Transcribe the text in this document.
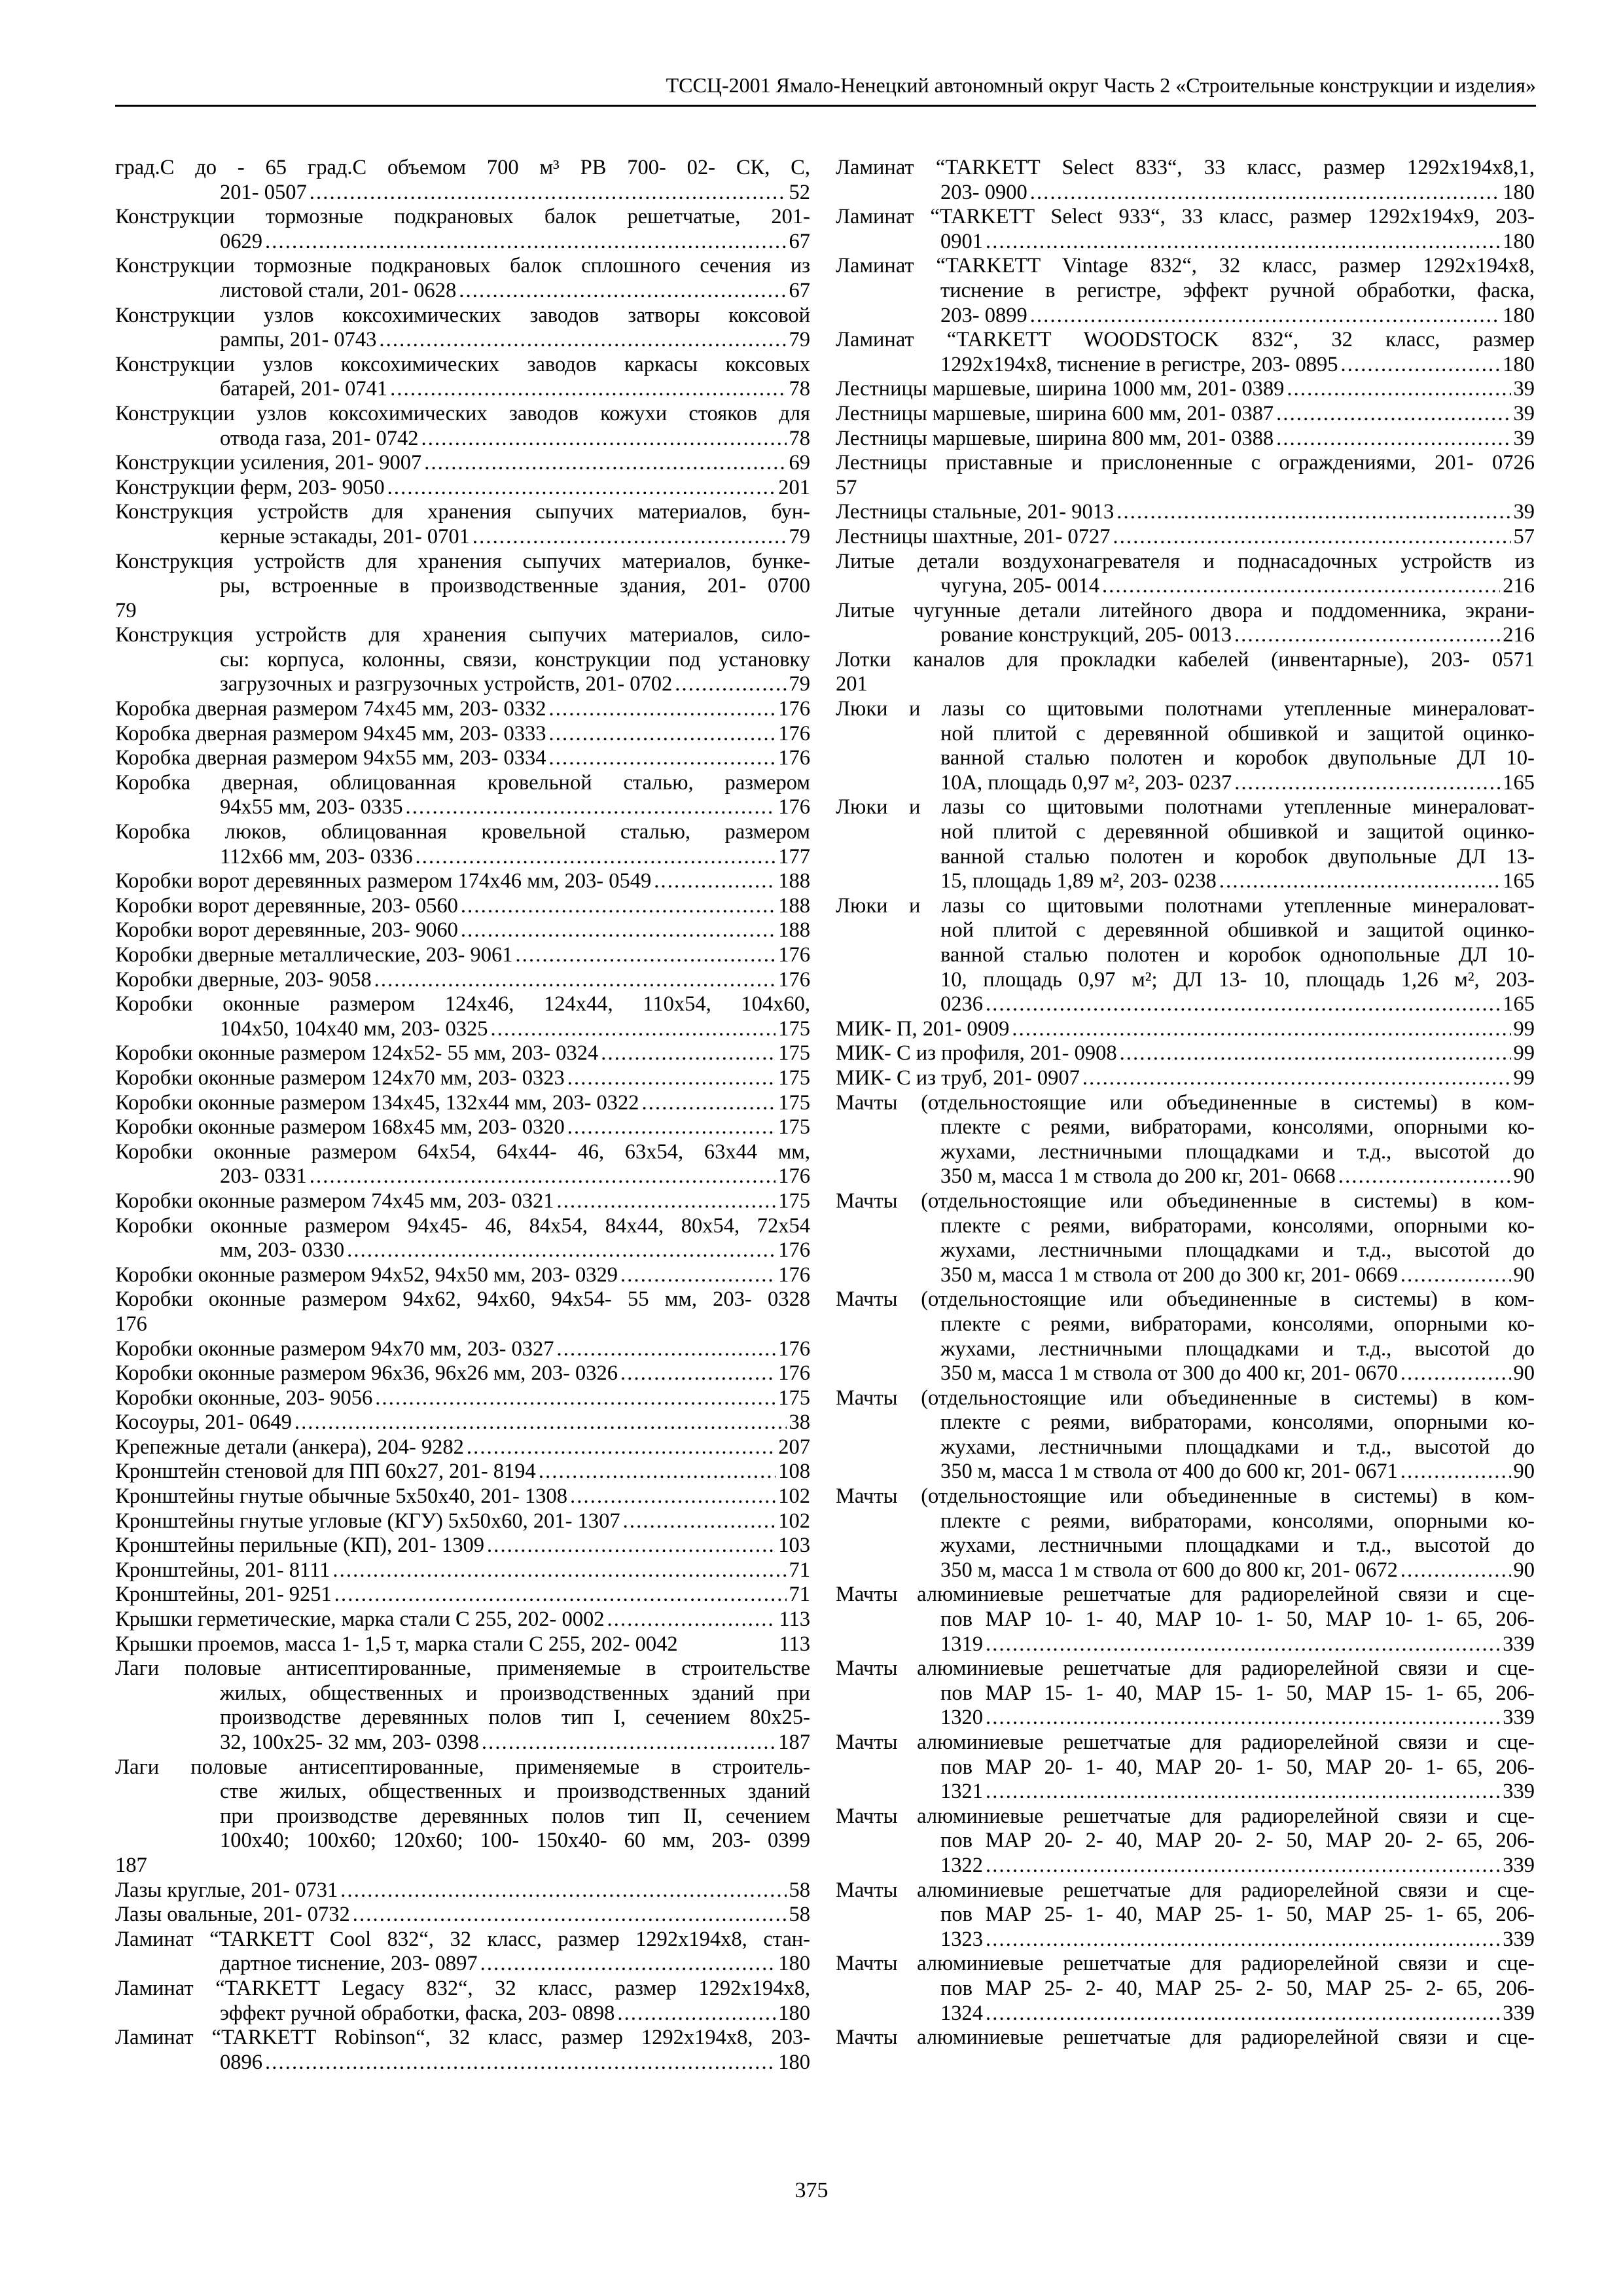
ТССЦ-2001 Ямало-Ненецкий автономный округ Часть 2 «Строительные конструкции и изделия»
град.С до - 65 град.С объемом 700 м³ РВ 700- 02- СК, С,
201- 0507 . . .	52
Конструкции тормозные подкрановых балок решетчатые, 201-
0629 . . .	67
Конструкции тормозные подкрановых балок сплошного сечения из
листовой стали, 201- 0628 . . .	67
Конструкции узлов коксохимических заводов затворы коксовой
рампы, 201- 0743 . . .	79
Конструкции узлов коксохимических заводов каркасы коксовых
батарей, 201- 0741 . . .	78
Конструкции узлов коксохимических заводов кожухи стояков для
отвода газа, 201- 0742 . . .	78
Конструкции усиления, 201- 9007 . . .	69
Конструкции ферм, 203- 9050 . . .	201
Конструкция устройств для хранения сыпучих материалов, бун-
керные эстакады, 201- 0701 . . .	79
Конструкция устройств для хранения сыпучих материалов, бунке-
ры, встроенные в производственные здания, 201- 0700
79
Конструкция устройств для хранения сыпучих материалов, сило-
сы: корпуса, колонны, связи, конструкции под установку
загрузочных и разгрузочных устройств, 201- 0702 . . .	79
Коробка дверная размером 74х45 мм, 203- 0332 . . .	176
Коробка дверная размером 94х45 мм, 203- 0333 . . .	176
Коробка дверная размером 94х55 мм, 203- 0334 . . .	176
Коробка дверная, облицованная кровельной сталью, размером
94х55 мм, 203- 0335 . . .	176
Коробка люков, облицованная кровельной сталью, размером
112х66 мм, 203- 0336 . . .	177
Коробки ворот деревянных размером 174х46 мм, 203- 0549 . . .	188
Коробки ворот деревянные, 203- 0560 . . .	188
Коробки ворот деревянные, 203- 9060 . . .	188
Коробки дверные металлические, 203- 9061 . . .	176
Коробки дверные, 203- 9058 . . .	176
Коробки оконные размером 124х46, 124х44, 110х54, 104х60,
104х50, 104х40 мм, 203- 0325 . . .	175
Коробки оконные размером 124х52- 55 мм, 203- 0324 . . .	175
Коробки оконные размером 124х70 мм, 203- 0323 . . .	175
Коробки оконные размером 134х45, 132х44 мм, 203- 0322 . . .	175
Коробки оконные размером 168х45 мм, 203- 0320 . . .	175
Коробки оконные размером 64х54, 64х44- 46, 63х54, 63х44 мм,
203- 0331 . . .	176
Коробки оконные размером 74х45 мм, 203- 0321 . . .	175
Коробки оконные размером 94х45- 46, 84х54, 84х44, 80х54, 72х54
мм, 203- 0330 . . .	176
Коробки оконные размером 94х52, 94х50 мм, 203- 0329 . . .	176
Коробки оконные размером 94х62, 94х60, 94х54- 55 мм, 203- 0328
176
Коробки оконные размером 94х70 мм, 203- 0327 . . .	176
Коробки оконные размером 96х36, 96х26 мм, 203- 0326 . . .	176
Коробки оконные, 203- 9056 . . .	175
Косоуры, 201- 0649 . . .	38
Крепежные детали (анкера), 204- 9282 . . .	207
Кронштейн стеновой для ПП 60х27, 201- 8194 . . .	108
Кронштейны гнутые обычные 5х50х40, 201- 1308 . . .	102
Кронштейны гнутые угловые (КГУ) 5х50х60, 201- 1307 . . .	102
Кронштейны перильные (КП), 201- 1309 . . .	103
Кронштейны, 201- 8111 . . .	71
Кронштейны, 201- 9251 . . .	71
Крышки герметические, марка стали С 255, 202- 0002 . . .	113
Крышки проемов, масса 1- 1,5 т, марка стали С 255, 202- 0042	113
Лаги половые антисептированные, применяемые в строительстве
жилых, общественных и производственных зданий при
производстве деревянных полов тип I, сечением 80х25-
32, 100х25- 32 мм, 203- 0398 . . .	187
Лаги половые антисептированные, применяемые в строитель-
стве жилых, общественных и производственных зданий
при производстве деревянных полов тип II, сечением
100х40; 100х60; 120х60; 100- 150х40- 60 мм, 203- 0399
187
Лазы круглые, 201- 0731 . . .	58
Лазы овальные, 201- 0732 . . .	58
Ламинат “TARKETT Cool 832“, 32 класс, размер 1292х194х8, стан-
дартное тиснение, 203- 0897 . . .	180
Ламинат “TARKETT Legacy 832“, 32 класс, размер 1292х194х8,
эффект ручной обработки, фаска, 203- 0898 . . .	180
Ламинат “TARKETT Robinson“, 32 класс, размер 1292х194х8, 203-
0896 . . .	180
Ламинат “TARKETT Select 833“, 33 класс, размер 1292х194х8,1,
203- 0900 . . .	180
Ламинат “TARKETT Select 933“, 33 класс, размер 1292х194х9, 203-
0901 . . .	180
Ламинат “TARKETT Vintage 832“, 32 класс, размер 1292х194х8,
тиснение в регистре, эффект ручной обработки, фаска,
203- 0899 . . .	180
Ламинат “TARKETT WOODSTOCK 832“, 32 класс, размер
1292х194х8, тиснение в регистре, 203- 0895 . . .	180
Лестницы маршевые, ширина 1000 мм, 201- 0389 . . .	39
Лестницы маршевые, ширина 600 мм, 201- 0387 . . .	39
Лестницы маршевые, ширина 800 мм, 201- 0388 . . .	39
Лестницы приставные и прислоненные с ограждениями, 201- 0726
57
Лестницы стальные, 201- 9013 . . .	39
Лестницы шахтные, 201- 0727 . . .	57
Литые детали воздухонагревателя и поднасадочных устройств из
чугуна, 205- 0014 . . .	216
Литые чугунные детали литейного двора и поддоменника, экрани-
рование конструкций, 205- 0013 . . .	216
Лотки каналов для прокладки кабелей (инвентарные), 203- 0571
201
Люки и лазы со щитовыми полотнами утепленные минераловат-
ной плитой с деревянной обшивкой и защитой оцинко-
ванной сталью полотен и коробок двупольные ДЛ 10-
10А, площадь 0,97 м², 203- 0237 . . .	165
Люки и лазы со щитовыми полотнами утепленные минераловат-
ной плитой с деревянной обшивкой и защитой оцинко-
ванной сталью полотен и коробок двупольные ДЛ 13-
15, площадь 1,89 м², 203- 0238 . . .	165
Люки и лазы со щитовыми полотнами утепленные минераловат-
ной плитой с деревянной обшивкой и защитой оцинко-
ванной сталью полотен и коробок однопольные ДЛ 10-
10, площадь 0,97 м²; ДЛ 13- 10, площадь 1,26 м², 203-
0236 . . .	165
МИК- П, 201- 0909 . . .	99
МИК- С из профиля, 201- 0908 . . .	99
МИК- С из труб, 201- 0907 . . .	99
Мачты (отдельностоящие или объединенные в системы) в ком-
плекте с реями, вибраторами, консолями, опорными ко-
жухами, лестничными площадками и т.д., высотой до
350 м, масса 1 м ствола до 200 кг, 201- 0668 . . .	90
Мачты (отдельностоящие или объединенные в системы) в ком-
плекте с реями, вибраторами, консолями, опорными ко-
жухами, лестничными площадками и т.д., высотой до
350 м, масса 1 м ствола от 200 до 300 кг, 201- 0669 . . .	90
Мачты (отдельностоящие или объединенные в системы) в ком-
плекте с реями, вибраторами, консолями, опорными ко-
жухами, лестничными площадками и т.д., высотой до
350 м, масса 1 м ствола от 300 до 400 кг, 201- 0670 . . .	90
Мачты (отдельностоящие или объединенные в системы) в ком-
плекте с реями, вибраторами, консолями, опорными ко-
жухами, лестничными площадками и т.д., высотой до
350 м, масса 1 м ствола от 400 до 600 кг, 201- 0671 . . .	90
Мачты (отдельностоящие или объединенные в системы) в ком-
плекте с реями, вибраторами, консолями, опорными ко-
жухами, лестничными площадками и т.д., высотой до
350 м, масса 1 м ствола от 600 до 800 кг, 201- 0672 . . .	90
Мачты алюминиевые решетчатые для радиорелейной связи и сце-
пов МАР 10- 1- 40, МАР 10- 1- 50, МАР 10- 1- 65, 206-
1319 . . .	339
Мачты алюминиевые решетчатые для радиорелейной связи и сце-
пов МАР 15- 1- 40, МАР 15- 1- 50, МАР 15- 1- 65, 206-
1320 . . .	339
Мачты алюминиевые решетчатые для радиорелейной связи и сце-
пов МАР 20- 1- 40, МАР 20- 1- 50, МАР 20- 1- 65, 206-
1321 . . .	339
Мачты алюминиевые решетчатые для радиорелейной связи и сце-
пов МАР 20- 2- 40, МАР 20- 2- 50, МАР 20- 2- 65, 206-
1322 . . .	339
Мачты алюминиевые решетчатые для радиорелейной связи и сце-
пов МАР 25- 1- 40, МАР 25- 1- 50, МАР 25- 1- 65, 206-
1323 . . .	339
Мачты алюминиевые решетчатые для радиорелейной связи и сце-
пов МАР 25- 2- 40, МАР 25- 2- 50, МАР 25- 2- 65, 206-
1324 . . .	339
Мачты алюминиевые решетчатые для радиорелейной связи и сце-
375
